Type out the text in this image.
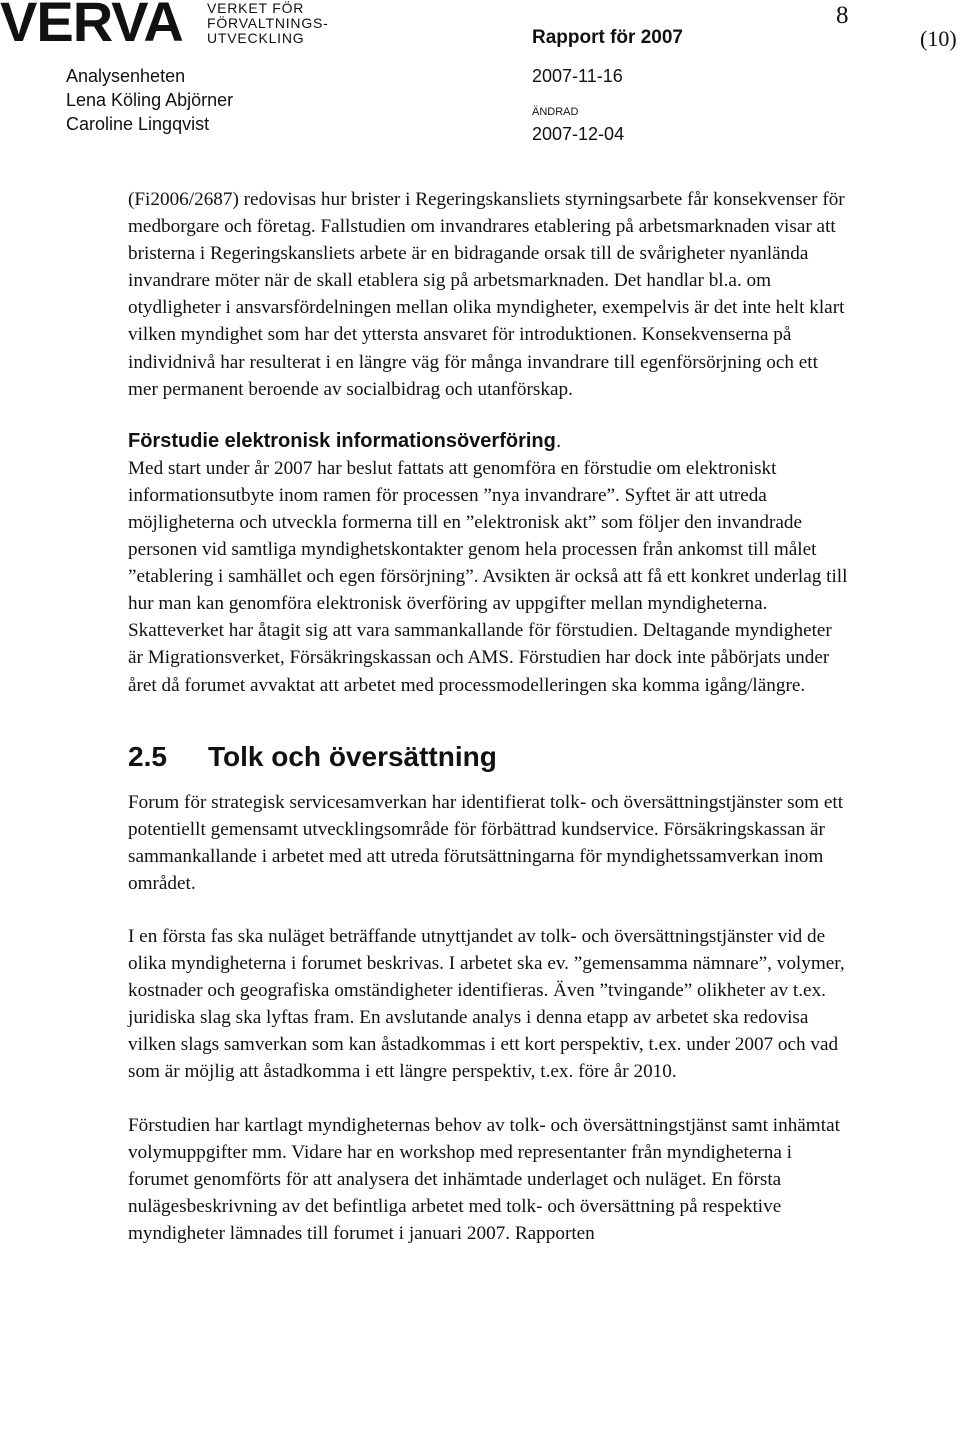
VERVA VERKET FÖR
FÖRVALTNINGS-
UTVECKLING	Rapport för 2007
8
(10)
Analysenheten
Lena Köling Abjörner
Caroline Lingqvist
2007-11-16
ÄNDRAD
2007-12-04

(Fi2006/2687) redovisas hur brister i Regeringskansliets styrningsarbete får konsekvenser för medborgare och företag. Fallstudien om invandrares etablering på arbetsmarknaden visar att bristerna i Regeringskansliets arbete är en bidragande orsak till de svårigheter nyanlända invandrare möter när de skall etablera sig på arbetsmarknaden. Det handlar bl.a. om otydligheter i ansvarsfördelningen mellan olika myndigheter, exempelvis är det inte helt klart vilken myndighet som har det yttersta ansvaret för introduktionen. Konsekvenserna på individnivå har resulterat i en längre väg för många invandrare till egenförsörjning och ett mer permanent beroende av socialbidrag och utanförskap.

Förstudie elektronisk informationsöverföring.

Med start under år 2007 har beslut fattats att genomföra en förstudie om elektroniskt informationsutbyte inom ramen för processen ”nya invandrare”. Syftet är att utreda möjligheterna och utveckla formerna till en ”elektronisk akt” som följer den invandrade personen vid samtliga myndighetskontakter genom hela processen från ankomst till målet ”etablering i samhället och egen försörjning”. Avsikten är också att få ett konkret underlag till hur man kan genomföra elektronisk överföring av uppgifter mellan myndigheterna. Skatteverket har åtagit sig att vara sammankallande för förstudien. Deltagande myndigheter är Migrationsverket, Försäkringskassan och AMS. Förstudien har dock inte påbörjats under året då forumet avvaktat att arbetet med processmodelleringen ska komma igång/längre.

2.5 Tolk och översättning

Forum för strategisk servicesamverkan har identifierat tolk- och översättningstjänster som ett potentiellt gemensamt utvecklingsområde för förbättrad kundservice. Försäkringskassan är sammankallande i arbetet med att utreda förutsättningarna för myndighetssamverkan inom området.

I en första fas ska nuläget beträffande utnyttjandet av tolk- och översättningstjänster vid de olika myndigheterna i forumet beskrivas. I arbetet ska ev. ”gemensamma nämnare”, volymer, kostnader och geografiska omständigheter identifieras. Även ”tvingande” olikheter av t.ex. juridiska slag ska lyftas fram. En avslutande analys i denna etapp av arbetet ska redovisa vilken slags samverkan som kan åstadkommas i ett kort perspektiv, t.ex. under 2007 och vad som är möjlig att åstadkomma i ett längre perspektiv, t.ex. före år 2010.

Förstudien har kartlagt myndigheternas behov av tolk- och översättningstjänst samt inhämtat volymuppgifter mm. Vidare har en workshop med representanter från myndigheterna i forumet genomförts för att analysera det inhämtade underlaget och nuläget. En första nulägesbeskrivning av det befintliga arbetet med tolk- och översättning på respektive myndigheter lämnades till forumet i januari 2007. Rapporten
